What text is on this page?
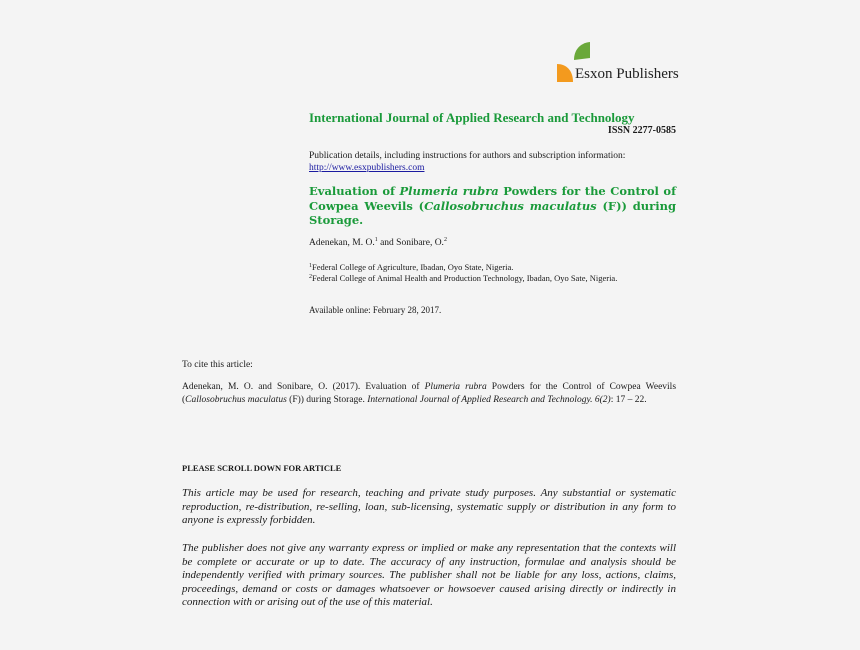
Esxon Publishers
International Journal of Applied Research and Technology
ISSN 2277-0585
Publication details, including instructions for authors and subscription information:
http://www.esxpublishers.com
Evaluation of Plumeria rubra Powders for the Control of Cowpea Weevils (Callosobruchus maculatus (F)) during Storage.
Adenekan, M. O.$^1$ and Sonibare, O.$^2$
$^1$Federal College of Agriculture, Ibadan, Oyo State, Nigeria.
$^2$Federal College of Animal Health and Production Technology, Ibadan, Oyo Sate, Nigeria.
Available online: February 28, 2017.
To cite this article:
Adenekan, M. O. and Sonibare, O. (2017). Evaluation of Plumeria rubra Powders for the Control of Cowpea Weevils (Callosobruchus maculatus (F)) during Storage. International Journal of Applied Research and Technology. 6(2): 17 – 22.
PLEASE SCROLL DOWN FOR ARTICLE
This article may be used for research, teaching and private study purposes. Any substantial or systematic reproduction, re-distribution, re-selling, loan, sub-licensing, systematic supply or distribution in any form to anyone is expressly forbidden.
The publisher does not give any warranty express or implied or make any representation that the contexts will be complete or accurate or up to date. The accuracy of any instruction, formulae and analysis should be independently verified with primary sources. The publisher shall not be liable for any loss, actions, claims, proceedings, demand or costs or damages whatsoever or howsoever caused arising directly or indirectly in connection with or arising out of the use of this material.
